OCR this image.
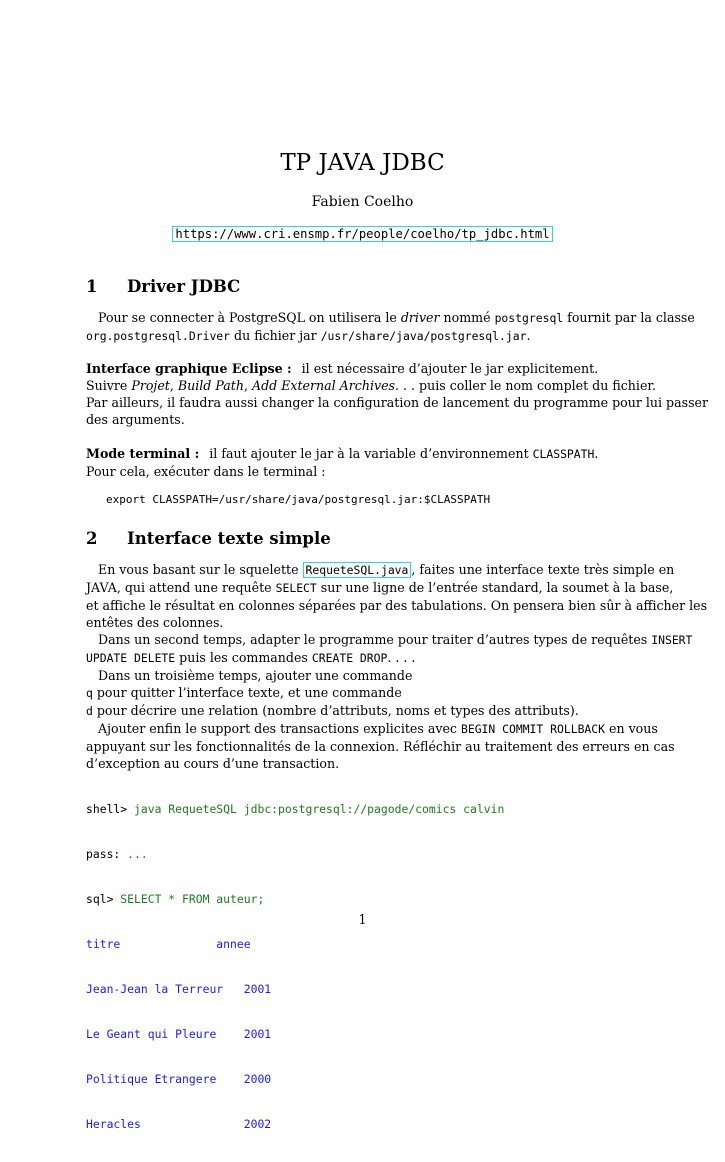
TP JAVA JDBC
Fabien Coelho
https://www.cri.ensmp.fr/people/coelho/tp_jdbc.html
1 Driver JDBC
Pour se connecter à PostgreSQL on utilisera le driver nommé postgresql fournit par la classe
org.postgresql.Driver du fichier jar /usr/share/java/postgresql.jar.
Interface graphique Eclipse : il est nécessaire d’ajouter le jar explicitement.
Suivre Projet, Build Path, Add External Archives. . . puis coller le nom complet du fichier.
Par ailleurs, il faudra aussi changer la configuration de lancement du programme pour lui passer
des arguments.
Mode terminal : il faut ajouter le jar à la variable d’environnement CLASSPATH.
Pour cela, exécuter dans le terminal :
export CLASSPATH=/usr/share/java/postgresql.jar:$CLASSPATH
2 Interface texte simple
En vous basant sur le squelette RequeteSQL.java , faites une interface texte très simple en
JAVA, qui attend une requête SELECT sur une ligne de l’entrée standard, la soumet à la base,
et affiche le résultat en colonnes séparées par des tabulations. On pensera bien sûr à afficher les
entêtes des colonnes.
Dans un second temps, adapter le programme pour traiter d’autres types de requêtes INSERT
UPDATE DELETE puis les commandes CREATE DROP. . . .
Dans un troisième temps, ajouter une commande
q pour quitter l’interface texte, et une commande
d pour décrire une relation (nombre d’attributs, noms et types des attributs).
Ajouter enfin le support des transactions explicites avec BEGIN COMMIT ROLLBACK en vous
appuyant sur les fonctionnalités de la connexion. Réfléchir au traitement des erreurs en cas
d’exception au cours d’une transaction.

shell> java RequeteSQL jdbc:postgresql://pagode/comics calvin

pass: ...

sql> SELECT * FROM auteur;

titre              annee

Jean-Jean la Terreur   2001

Le Geant qui Pleure    2001

Politique Etrangere    2000

Heracles               2002

1
